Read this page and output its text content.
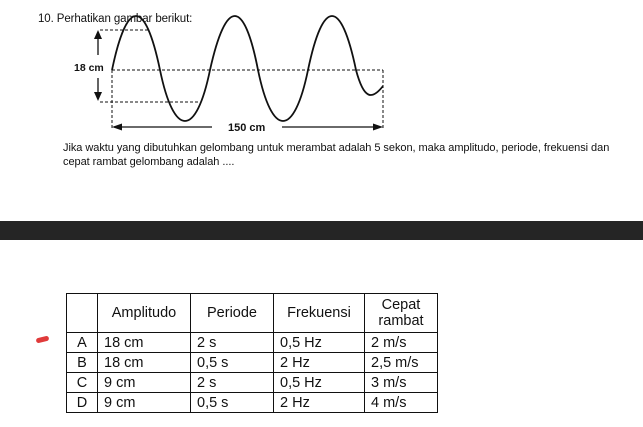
10. Perhatikan gambar berikut:
18 cm
150 cm
Jika waktu yang dibutuhkan gelombang untuk merambat adalah 5 sekon, maka amplitudo, periode, frekuensi dan cepat rambat gelombang adalah ....
	Amplitudo	Periode	Frekuensi	Cepat
rambat
A	18 cm	2 s	0,5 Hz	2 m/s
B	18 cm	0,5 s	2 Hz	2,5 m/s
C	9 cm	2 s	0,5 Hz	3 m/s
D	9 cm	0,5 s	2 Hz	4 m/s
